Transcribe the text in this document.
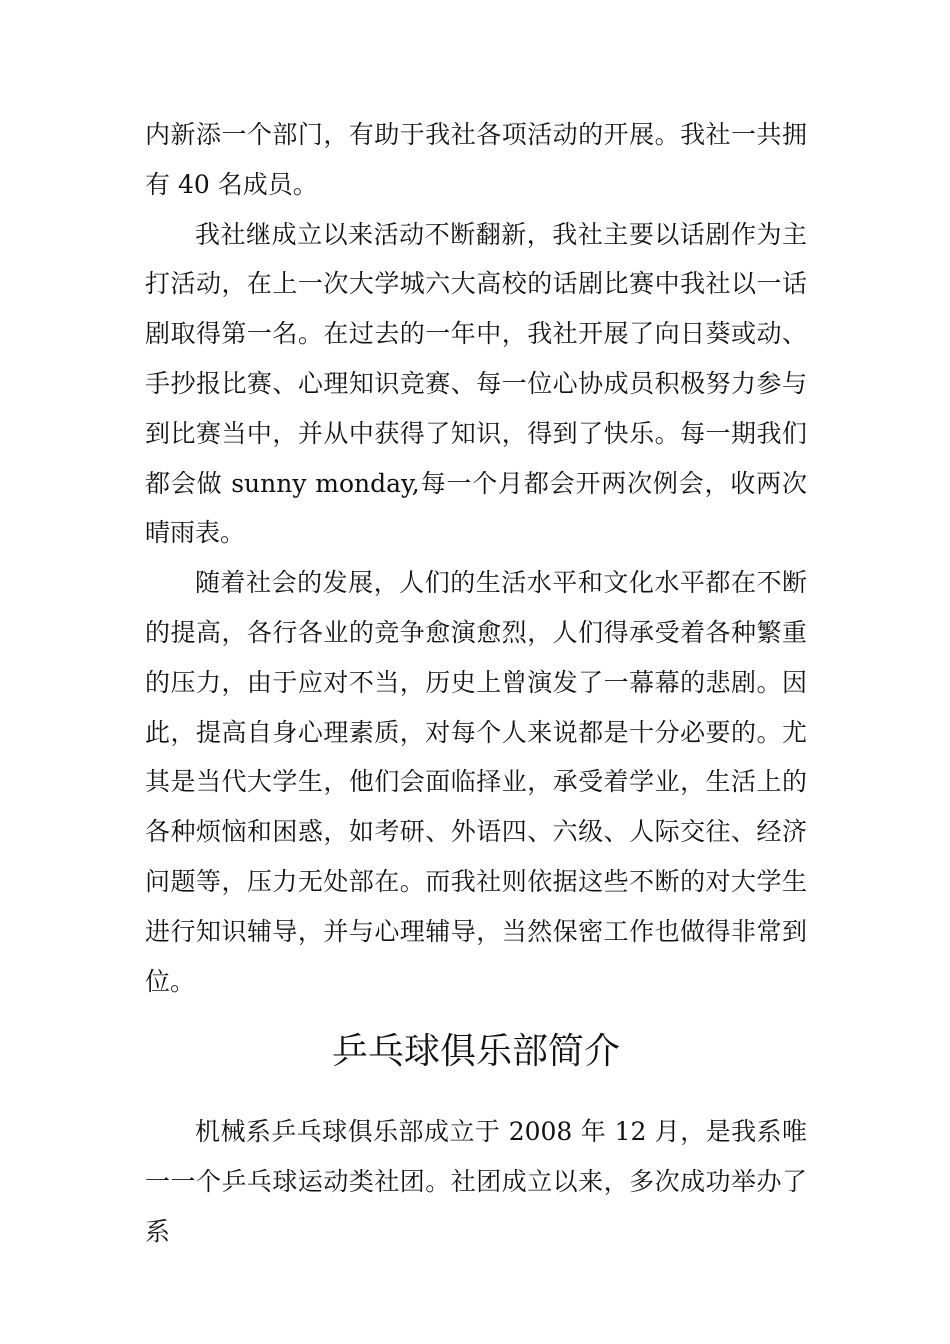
内新添一个部门，有助于我社各项活动的开展。我社一共拥有 40 名成员。

我社继成立以来活动不断翻新，我社主要以话剧作为主打活动，在上一次大学城六大高校的话剧比赛中我社以一话剧取得第一名。在过去的一年中，我社开展了向日葵或动、手抄报比赛、心理知识竞赛、每一位心协成员积极努力参与到比赛当中，并从中获得了知识，得到了快乐。每一期我们都会做 sunny monday,每一个月都会开两次例会，收两次晴雨表。

随着社会的发展，人们的生活水平和文化水平都在不断的提高，各行各业的竞争愈演愈烈，人们得承受着各种繁重的压力，由于应对不当，历史上曾演发了一幕幕的悲剧。因此，提高自身心理素质，对每个人来说都是十分必要的。尤其是当代大学生，他们会面临择业，承受着学业，生活上的各种烦恼和困惑，如考研、外语四、六级、人际交往、经济问题等，压力无处部在。而我社则依据这些不断的对大学生进行知识辅导，并与心理辅导，当然保密工作也做得非常到位。

乒乓球俱乐部简介

机械系乒乓球俱乐部成立于 2008 年 12 月，是我系唯一一个乒乓球运动类社团。社团成立以来，多次成功举办了系
